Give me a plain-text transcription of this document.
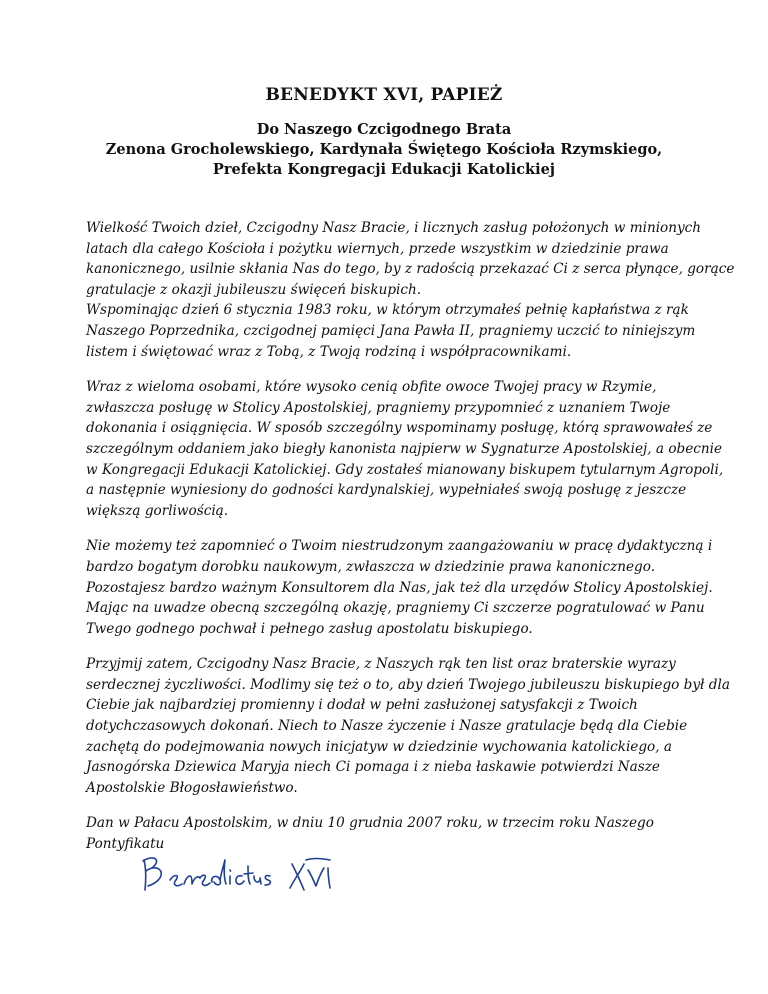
BENEDYKT XVI, PAPIEŻ
Do Naszego Czcigodnego Brata
Zenona Grocholewskiego, Kardynała Świętego Kościoła Rzymskiego,
Prefekta Kongregacji Edukacji Katolickiej

Wielkość Twoich dzieł, Czcigodny Nasz Bracie, i licznych zasług położonych w minionych
latach dla całego Kościoła i pożytku wiernych, przede wszystkim w dziedzinie prawa
kanonicznego, usilnie skłania Nas do tego, by z radością przekazać Ci z serca płynące, gorące
gratulacje z okazji jubileuszu święceń biskupich.
Wspominając dzień 6 stycznia 1983 roku, w którym otrzymałeś pełnię kapłaństwa z rąk
Naszego Poprzednika, czcigodnej pamięci Jana Pawła II, pragniemy uczcić to niniejszym
listem i świętować wraz z Tobą, z Twoją rodziną i współpracownikami.

Wraz z wieloma osobami, które wysoko cenią obfite owoce Twojej pracy w Rzymie,
zwłaszcza posługę w Stolicy Apostolskiej, pragniemy przypomnieć z uznaniem Twoje
dokonania i osiągnięcia. W sposób szczególny wspominamy posługę, którą sprawowałeś ze
szczególnym oddaniem jako biegły kanonista najpierw w Sygnaturze Apostolskiej, a obecnie
w Kongregacji Edukacji Katolickiej. Gdy zostałeś mianowany biskupem tytularnym Agropoli,
a następnie wyniesiony do godności kardynalskiej, wypełniałeś swoją posługę z jeszcze
większą gorliwością.

Nie możemy też zapomnieć o Twoim niestrudzonym zaangażowaniu w pracę dydaktyczną i
bardzo bogatym dorobku naukowym, zwłaszcza w dziedzinie prawa kanonicznego.
Pozostajesz bardzo ważnym Konsultorem dla Nas, jak też dla urzędów Stolicy Apostolskiej.
Mając na uwadze obecną szczególną okazję, pragniemy Ci szczerze pogratulować w Panu
Twego godnego pochwał i pełnego zasług apostolatu biskupiego.

Przyjmij zatem, Czcigodny Nasz Bracie, z Naszych rąk ten list oraz braterskie wyrazy
serdecznej życzliwości. Modlimy się też o to, aby dzień Twojego jubileuszu biskupiego był dla
Ciebie jak najbardziej promienny i dodał w pełni zasłużonej satysfakcji z Twoich
dotychczasowych dokonań. Niech to Nasze życzenie i Nasze gratulacje będą dla Ciebie
zachętą do podejmowania nowych inicjatyw w dziedzinie wychowania katolickiego, a
Jasnogórska Dziewica Maryja niech Ci pomaga i z nieba łaskawie potwierdzi Nasze
Apostolskie Błogosławieństwo.

Dan w Pałacu Apostolskim, w dniu 10 grudnia 2007 roku, w trzecim roku Naszego
Pontyfikatu
